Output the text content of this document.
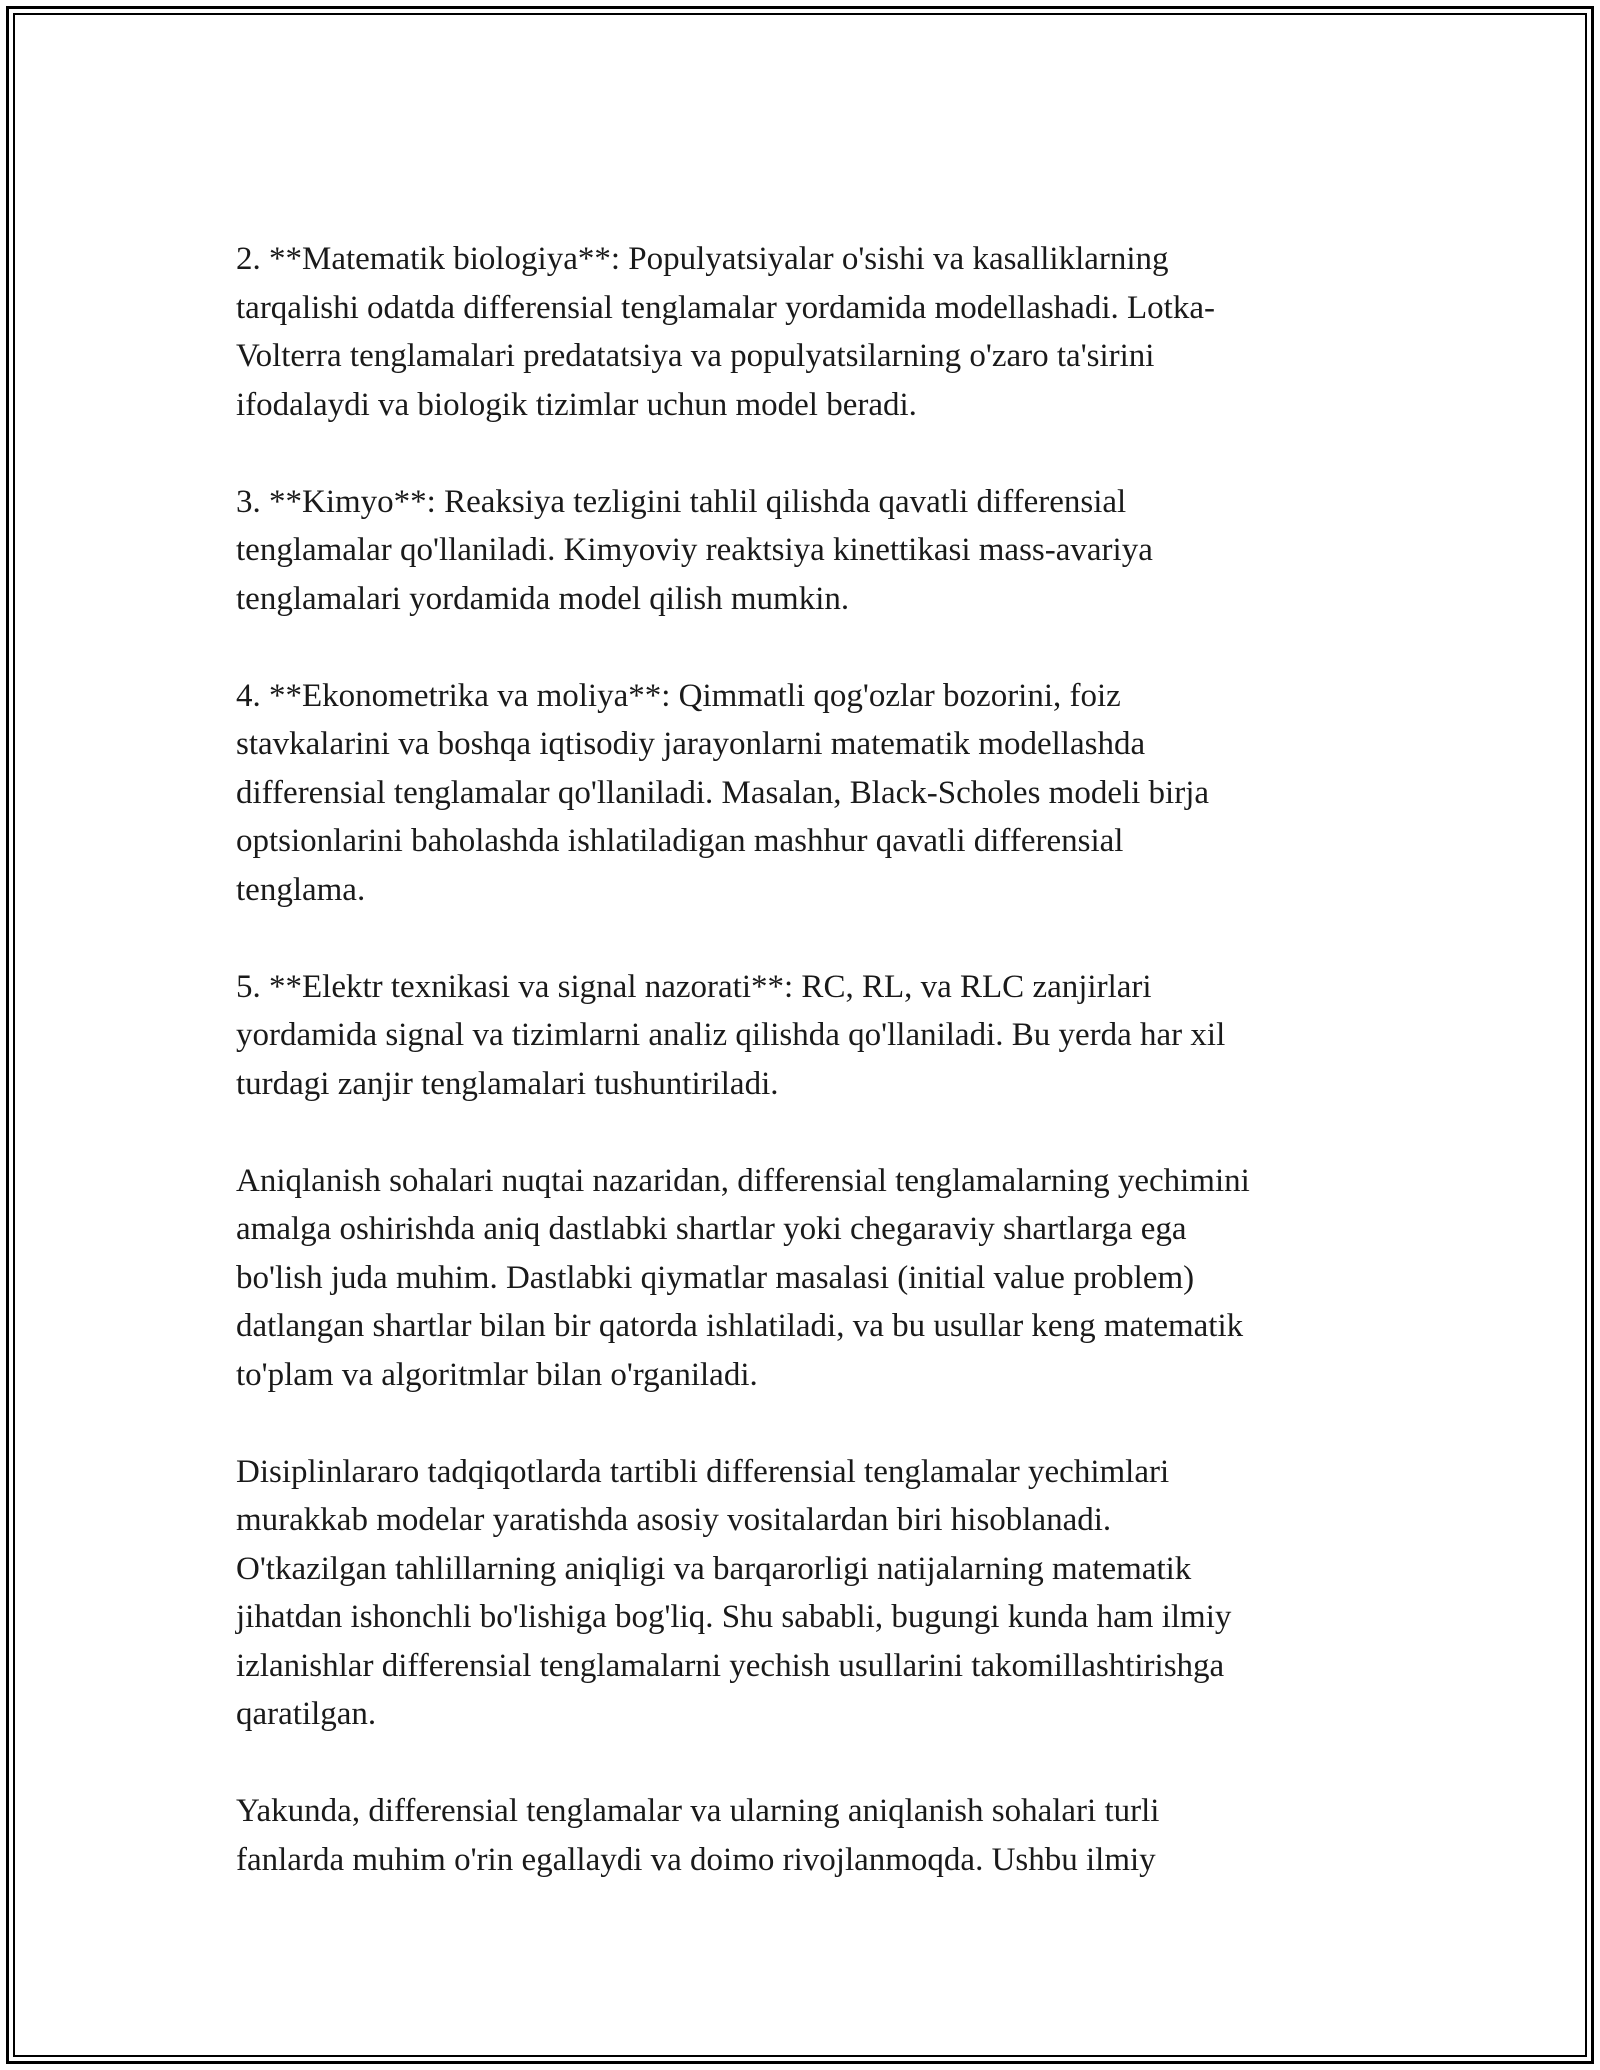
2. **Matematik biologiya**: Populyatsiyalar o'sishi va kasalliklarning
tarqalishi odatda differensial tenglamalar yordamida modellashadi. Lotka-
Volterra tenglamalari predatatsiya va populyatsilarning o'zaro ta'sirini
ifodalaydi va biologik tizimlar uchun model beradi.

3. **Kimyo**: Reaksiya tezligini tahlil qilishda qavatli differensial
tenglamalar qo'llaniladi. Kimyoviy reaktsiya kinettikasi mass-avariya
tenglamalari yordamida model qilish mumkin.

4. **Ekonometrika va moliya**: Qimmatli qog'ozlar bozorini, foiz
stavkalarini va boshqa iqtisodiy jarayonlarni matematik modellashda
differensial tenglamalar qo'llaniladi. Masalan, Black-Scholes modeli birja
optsionlarini baholashda ishlatiladigan mashhur qavatli differensial
tenglama.

5. **Elektr texnikasi va signal nazorati**: RC, RL, va RLC zanjirlari
yordamida signal va tizimlarni analiz qilishda qo'llaniladi. Bu yerda har xil
turdagi zanjir tenglamalari tushuntiriladi.

Aniqlanish sohalari nuqtai nazaridan, differensial tenglamalarning yechimini
amalga oshirishda aniq dastlabki shartlar yoki chegaraviy shartlarga ega
bo'lish juda muhim. Dastlabki qiymatlar masalasi (initial value problem)
datlangan shartlar bilan bir qatorda ishlatiladi, va bu usullar keng matematik
to'plam va algoritmlar bilan o'rganiladi.

Disiplinlararo tadqiqotlarda tartibli differensial tenglamalar yechimlari
murakkab modelar yaratishda asosiy vositalardan biri hisoblanadi.
O'tkazilgan tahlillarning aniqligi va barqarorligi natijalarning matematik
jihatdan ishonchli bo'lishiga bog'liq. Shu sababli, bugungi kunda ham ilmiy
izlanishlar differensial tenglamalarni yechish usullarini takomillashtirishga
qaratilgan.

Yakunda, differensial tenglamalar va ularning aniqlanish sohalari turli
fanlarda muhim o'rin egallaydi va doimo rivojlanmoqda. Ushbu ilmiy
